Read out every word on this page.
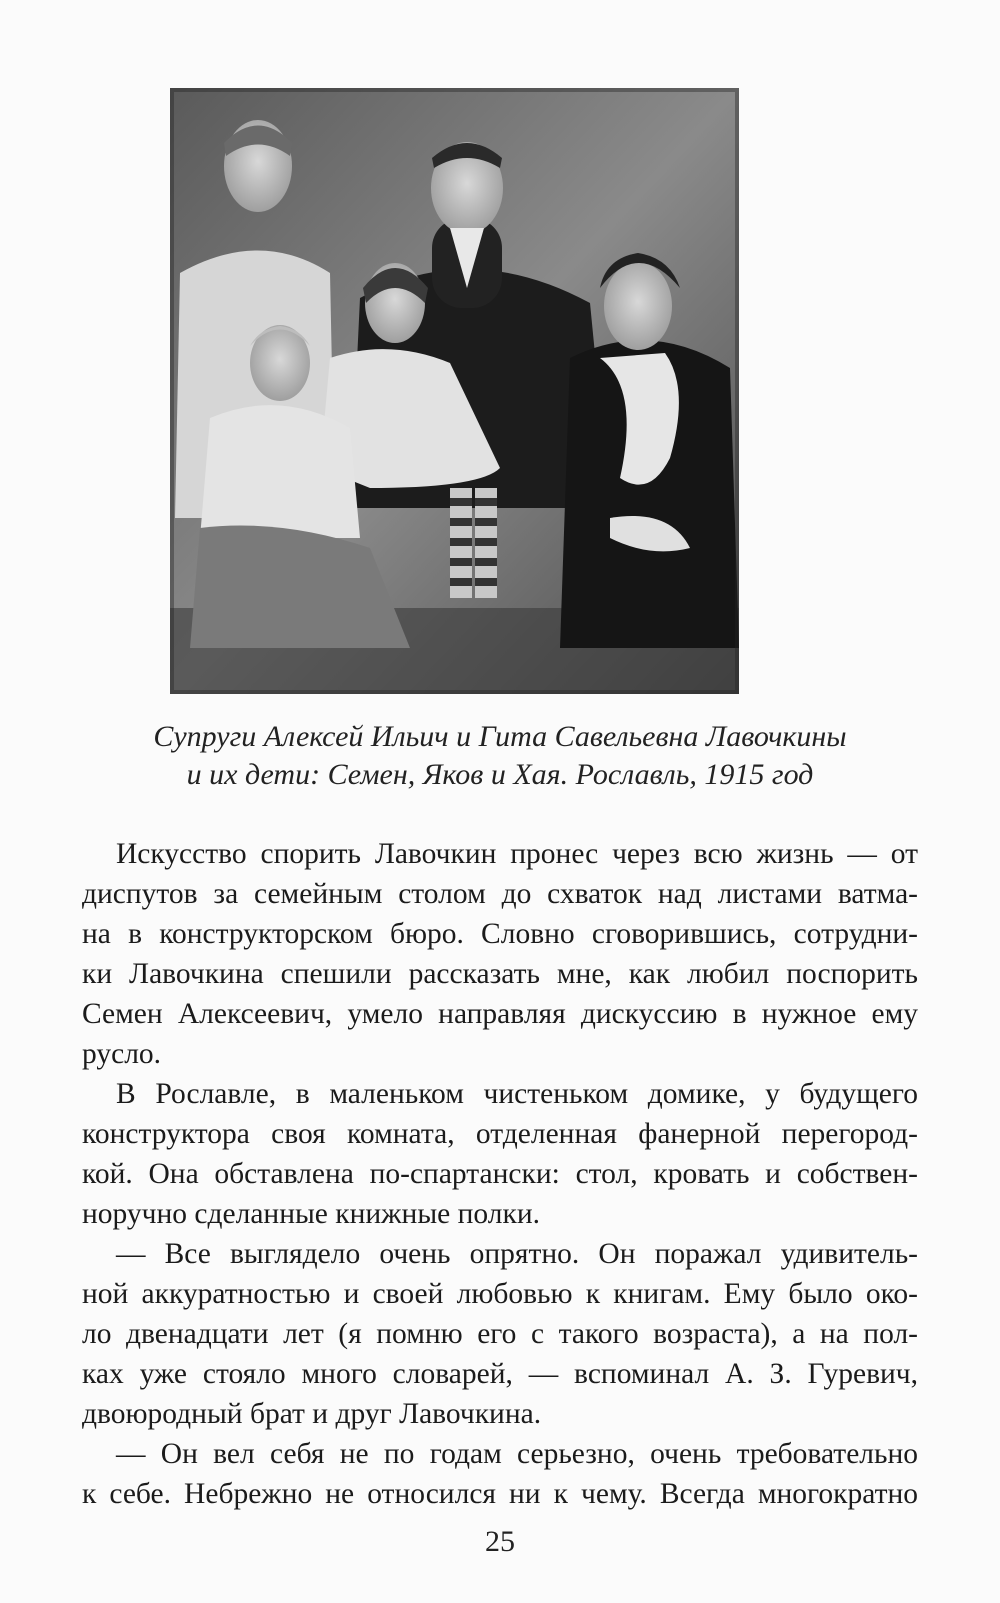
Супруги Алексей Ильич и Гита Савельевна Лавочкины
и их дети: Семен, Яков и Хая. Рославль, 1915 год
Искусство спорить Лавочкин пронес через всю жизнь — от
диспутов за семейным столом до схваток над листами ватма-
на в конструкторском бюро. Словно сговорившись, сотрудни-
ки Лавочкина спешили рассказать мне, как любил поспорить
Семен Алексеевич, умело направляя дискуссию в нужное ему
русло.
В Рославле, в маленьком чистеньком домике, у будущего
конструктора своя комната, отделенная фанерной перегород-
кой. Она обставлена по-спартански: стол, кровать и собствен-
норучно сделанные книжные полки.
— Все выглядело очень опрятно. Он поражал удивитель-
ной аккуратностью и своей любовью к книгам. Ему было око-
ло двенадцати лет (я помню его с такого возраста), а на пол-
ках уже стояло много словарей, — вспоминал А. З. Гуревич,
двоюродный брат и друг Лавочкина.
— Он вел себя не по годам серьезно, очень требовательно
к себе. Небрежно не относился ни к чему. Всегда многократно
25
